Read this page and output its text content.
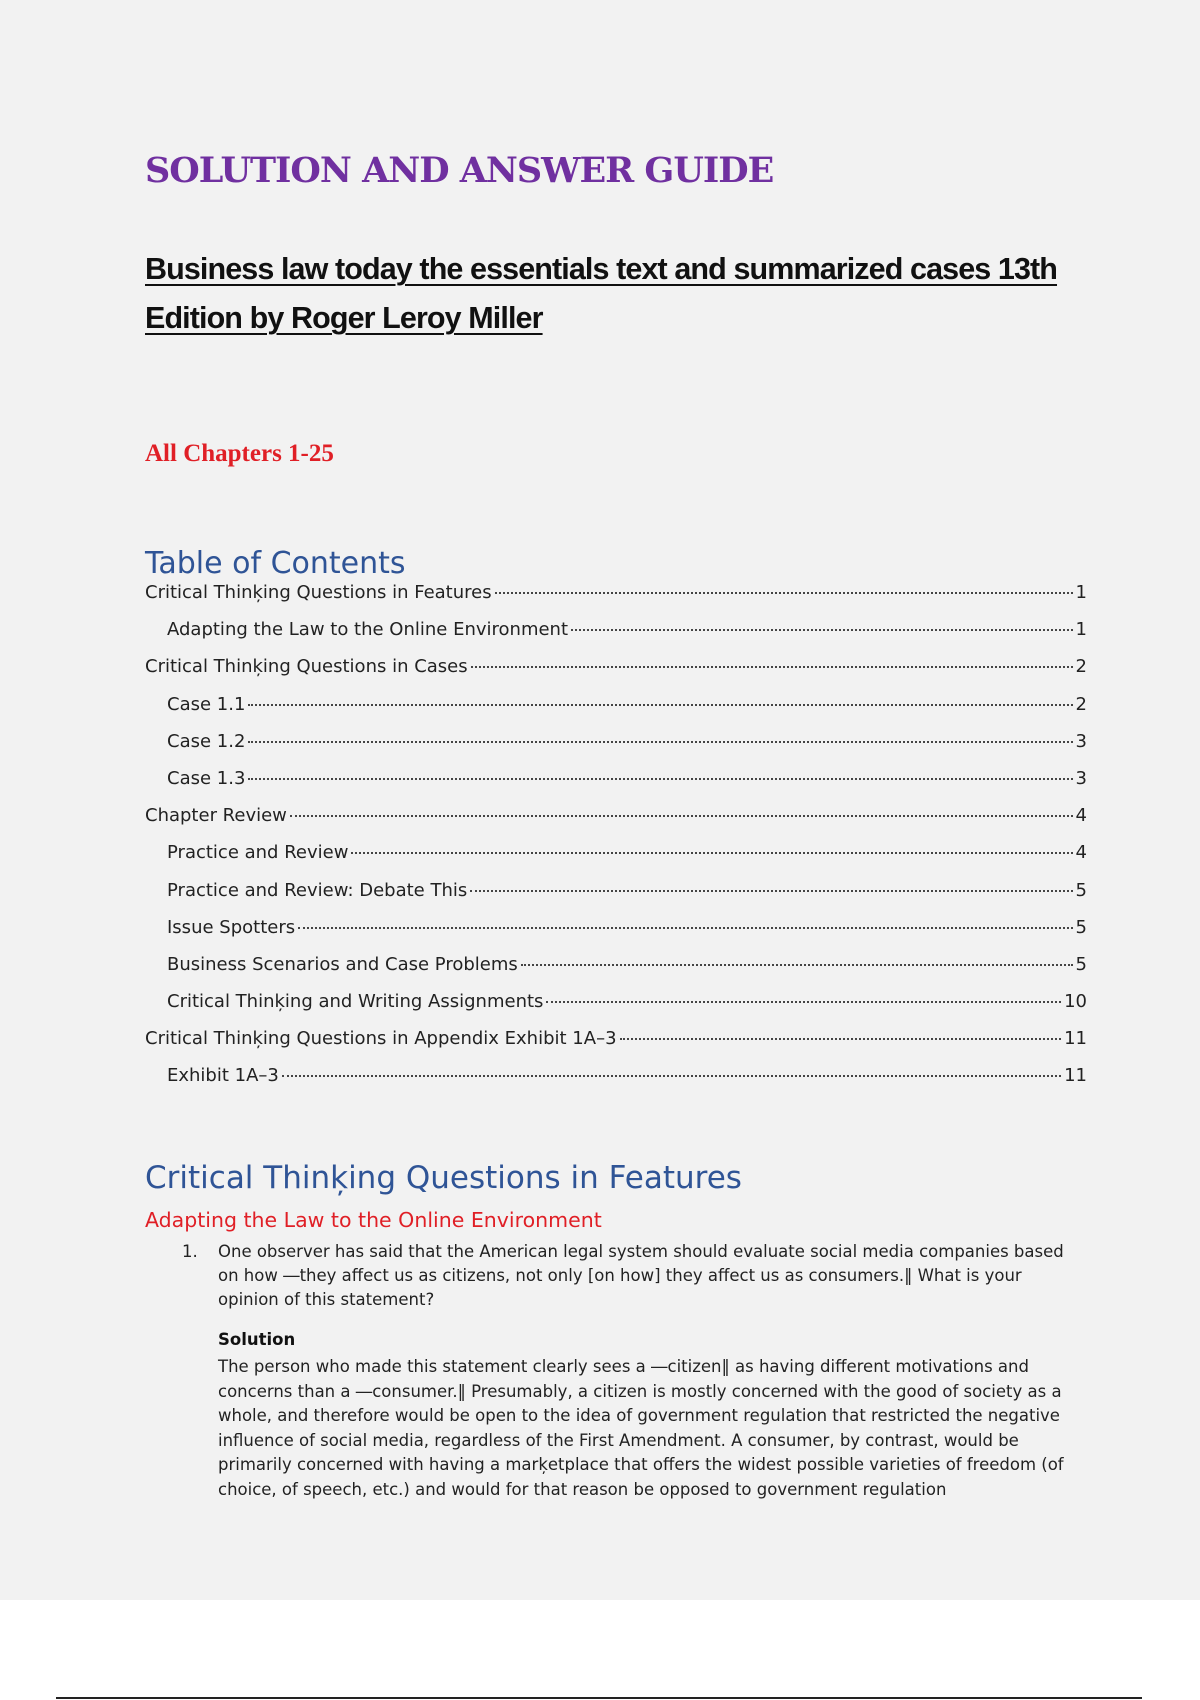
SOLUTION AND ANSWER GUIDE
Business law today the essentials text and summarized cases 13th Edition by Roger Leroy Miller
All Chapters 1-25
Table of Contents
Critical Thinķing Questions in Features	1
Adapting the Law to the Online Environment	1
Critical Thinķing Questions in Cases	2
Case 1.1	2
Case 1.2	3
Case 1.3	3
Chapter Review	4
Practice and Review	4
Practice and Review: Debate This	5
Issue Spotters	5
Business Scenarios and Case Problems	5
Critical Thinķing and Writing Assignments	10
Critical Thinķing Questions in Appendix Exhibit 1A–3	11
Exhibit 1A–3	11
Critical Thinķing Questions in Features
Adapting the Law to the Online Environment
1. One observer has said that the American legal system should evaluate social media companies based on how ―they affect us as citizens, not only [on how] they affect us as consumers.‖ What is your opinion of this statement?

Solution

The person who made this statement clearly sees a ―citizen‖ as having different motivations and concerns than a ―consumer.‖ Presumably, a citizen is mostly concerned with the good of society as a whole, and therefore would be open to the idea of government regulation that restricted the negative influence of social media, regardless of the First Amendment. A consumer, by contrast, would be primarily concerned with having a marķetplace that offers the widest possible varieties of freedom (of choice, of speech, etc.) and would for that reason be opposed to government regulation
